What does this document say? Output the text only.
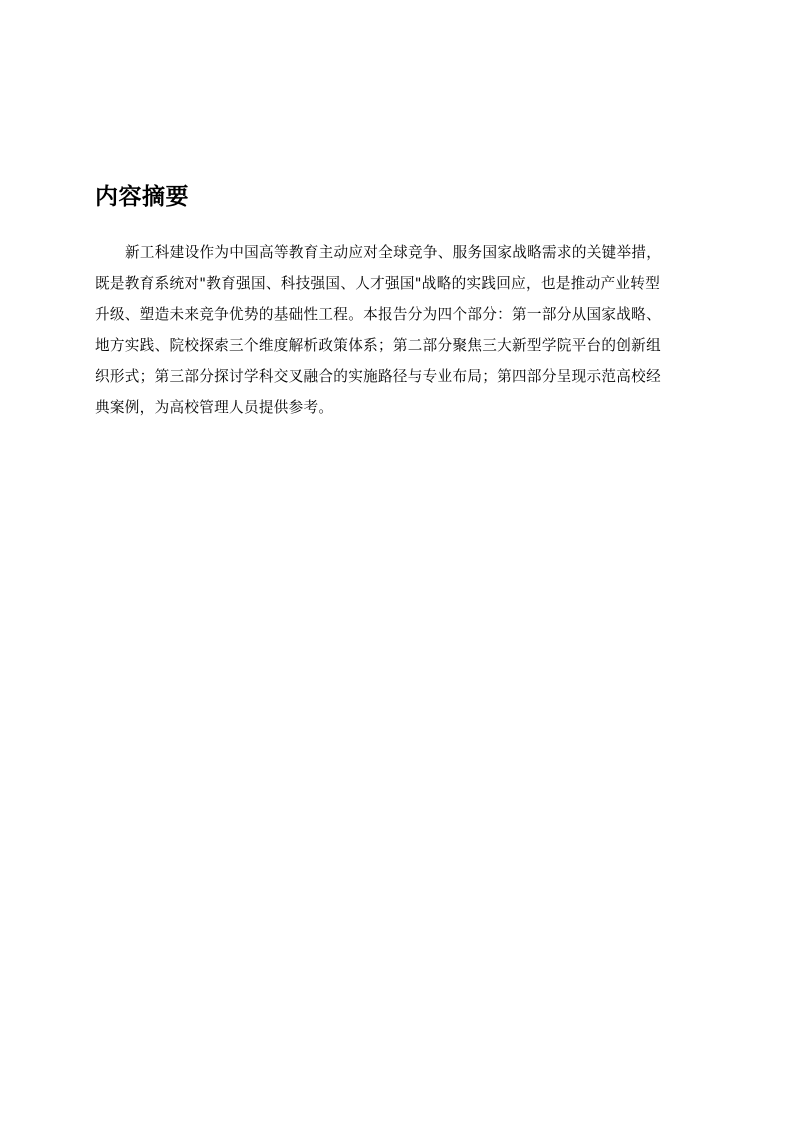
内容摘要
新工科建设作为中国高等教育主动应对全球竞争、服务国家战略需求的关键举措，
既是教育系统对"教育强国、科技强国、人才强国"战略的实践回应，也是推动产业转型
升级、塑造未来竞争优势的基础性工程。本报告分为四个部分：第一部分从国家战略、
地方实践、院校探索三个维度解析政策体系；第二部分聚焦三大新型学院平台的创新组
织形式；第三部分探讨学科交叉融合的实施路径与专业布局；第四部分呈现示范高校经
典案例，为高校管理人员提供参考。
